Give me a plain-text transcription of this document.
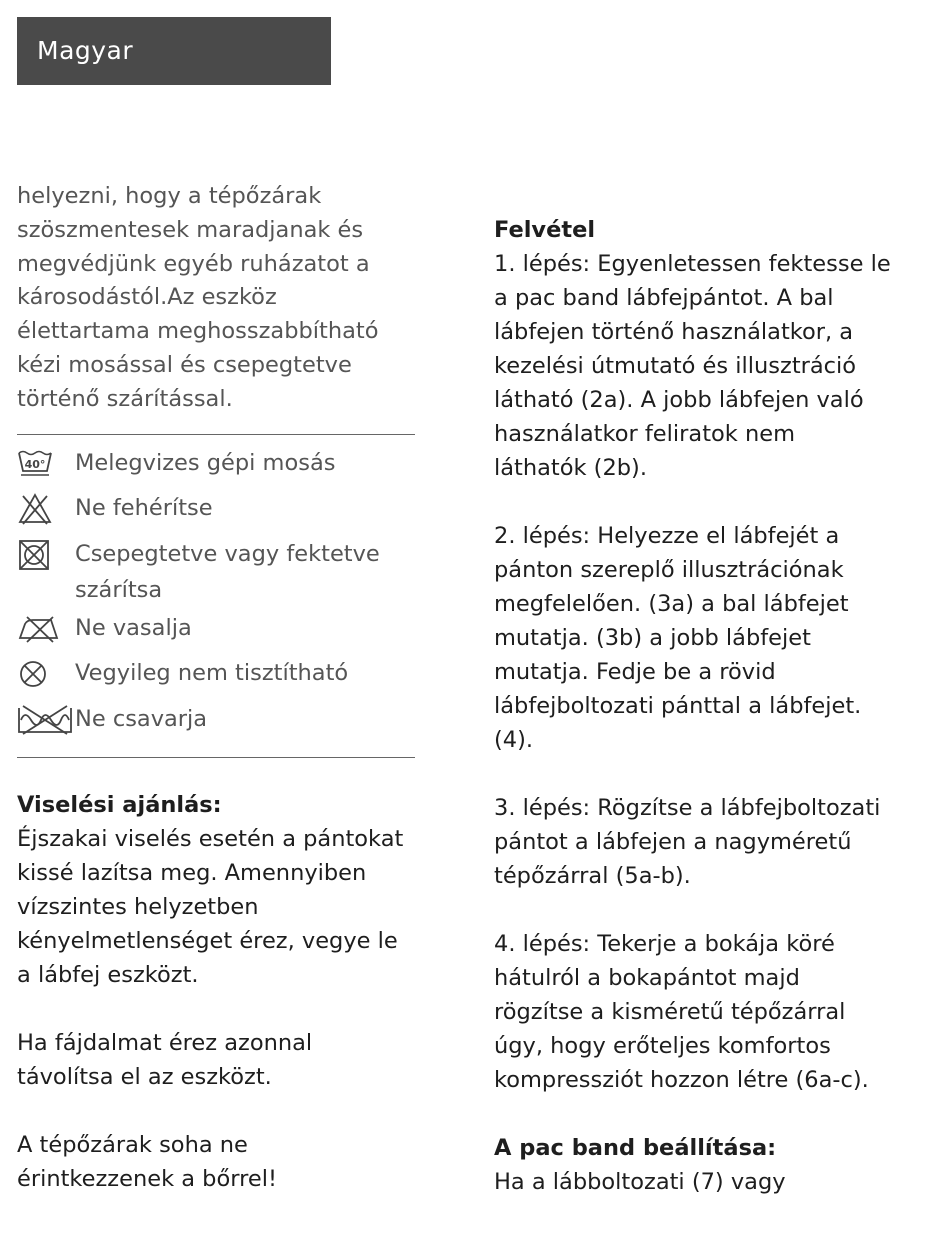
Magyar

helyezni, hogy a tépőzárak
szöszmentesek maradjanak és
megvédjünk egyéb ruházatot a
károsodástól.Az eszköz
élettartama meghosszabbítható
kézi mosással és csepegtetve
történő szárítással.

40° Melegvizes gépi mosás
Ne fehérítse
Csepegtetve vagy fektetve
szárítsa
Ne vasalja
Vegyileg nem tisztítható
Ne csavarja

Viselési ajánlás:

Éjszakai viselés esetén a pántokat
kissé lazítsa meg. Amennyiben
vízszintes helyzetben
kényelmetlenséget érez, vegye le
a lábfej eszközt.

Ha fájdalmat érez azonnal
távolítsa el az eszközt.

A tépőzárak soha ne
érintkezzenek a bőrrel!

Felvétel

1. lépés: Egyenletessen fektesse le
a pac band lábfejpántot. A bal
lábfejen történő használatkor, a
kezelési útmutató és illusztráció
látható (2a). A jobb lábfejen való
használatkor feliratok nem
láthatók (2b).

2. lépés: Helyezze el lábfejét a
pánton szereplő illusztrációnak
megfelelően. (3a) a bal lábfejet
mutatja. (3b) a jobb lábfejet
mutatja. Fedje be a rövid
lábfejboltozati pánttal a lábfejet.
(4).

3. lépés: Rögzítse a lábfejboltozati
pántot a lábfejen a nagyméretű
tépőzárral (5a-b).

4. lépés: Tekerje a bokája köré
hátulról a bokapántot majd
rögzítse a kisméretű tépőzárral
úgy, hogy erőteljes komfortos
kompressziót hozzon létre (6a-c).

A pac band beállítása:

Ha a lábboltozati (7) vagy
